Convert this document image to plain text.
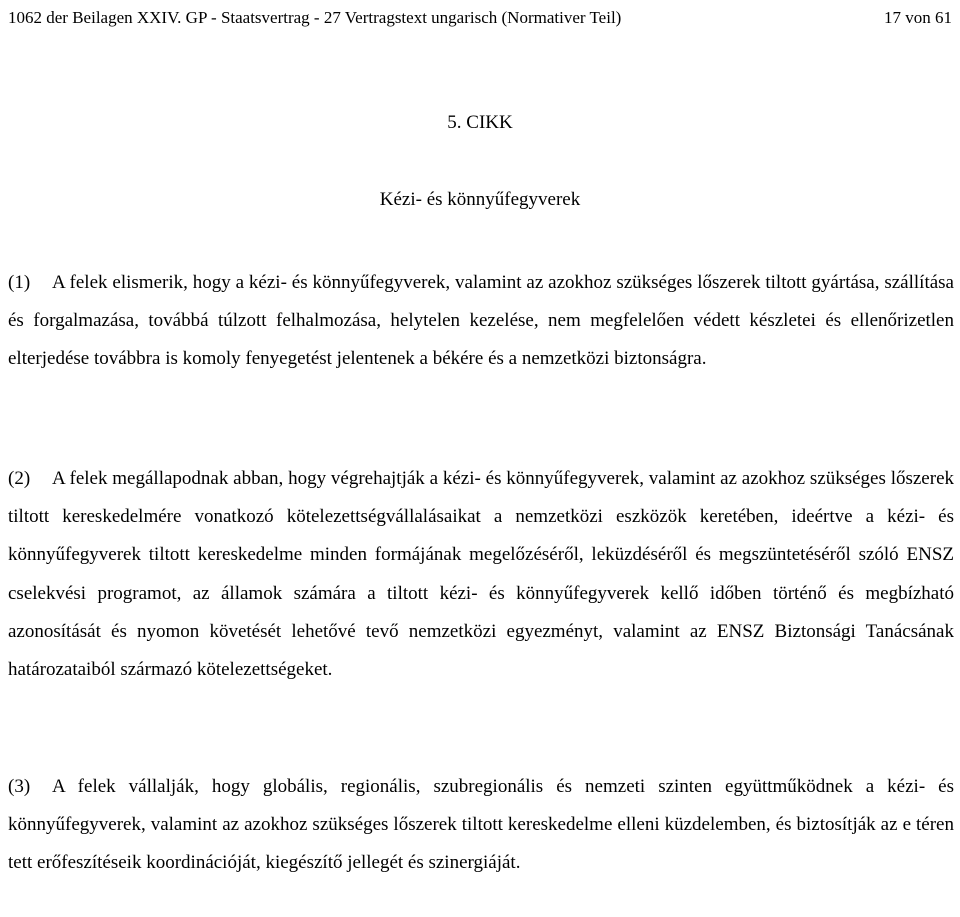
1062 der Beilagen XXIV. GP - Staatsvertrag - 27 Vertragstext ungarisch (Normativer Teil)	17 von 61
5. CIKK
Kézi- és könnyűfegyverek

(1) A felek elismerik, hogy a kézi- és könnyűfegyverek, valamint az azokhoz szükséges lőszerek tiltott gyártása, szállítása és forgalmazása, továbbá túlzott felhalmozása, helytelen kezelése, nem megfelelően védett készletei és ellenőrizetlen elterjedése továbbra is komoly fenyegetést jelentenek a békére és a nemzetközi biztonságra.

(2) A felek megállapodnak abban, hogy végrehajtják a kézi- és könnyűfegyverek, valamint az azokhoz szükséges lőszerek tiltott kereskedelmére vonatkozó kötelezettségvállalásaikat a nemzetközi eszközök keretében, ideértve a kézi- és könnyűfegyverek tiltott kereskedelme minden formájának megelőzéséről, leküzdéséről és megszüntetéséről szóló ENSZ cselekvési programot, az államok számára a tiltott kézi- és könnyűfegyverek kellő időben történő és megbízható azonosítását és nyomon követését lehetővé tevő nemzetközi egyezményt, valamint az ENSZ Biztonsági Tanácsának határozataiból származó kötelezettségeket.

(3) A felek vállalják, hogy globális, regionális, szubregionális és nemzeti szinten együttműködnek a kézi- és könnyűfegyverek, valamint az azokhoz szükséges lőszerek tiltott kereskedelme elleni küzdelemben, és biztosítják az e téren tett erőfeszítéseik koordinációját, kiegészítő jellegét és szinergiáját.
